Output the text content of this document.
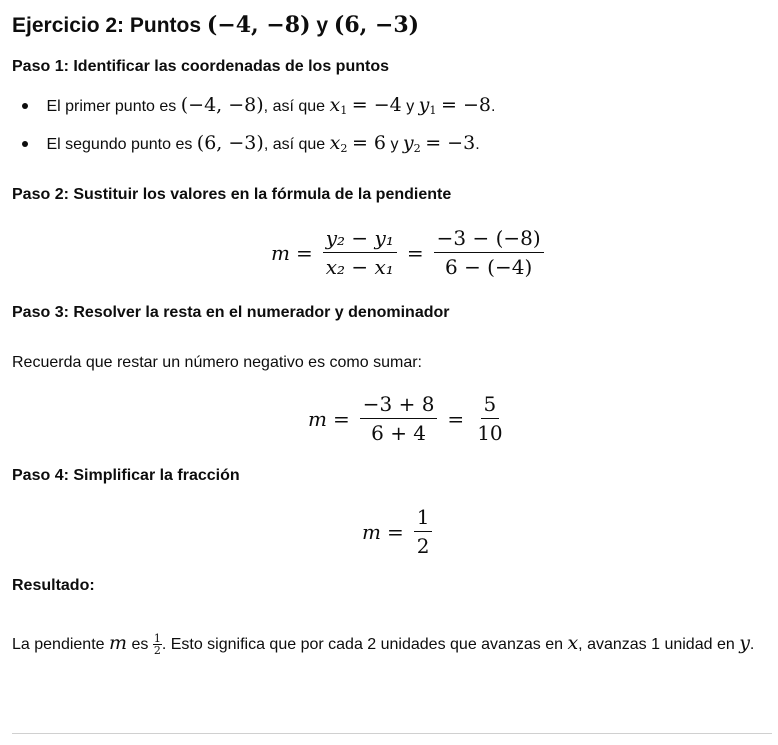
Ejercicio 2: Puntos (−4, −8) y (6, −3)
Paso 1: Identificar las coordenadas de los puntos
El primer punto es (−4, −8), así que $x_1 = -4$ y $y_1 = -8$.
El segundo punto es (6, −3), así que $x_2 = 6$ y $y_2 = -3$.
Paso 2: Sustituir los valores en la fórmula de la pendiente
$m = \frac{\text{y₂ − y₁}}{\text{x₂ − x₁}} = \frac{-3 - (-8)}{6 - (-4)}$
Paso 3: Resolver la resta en el numerador y denominador
Recuerda que restar un número negativo es como sumar:
$m = \frac{-3 + 8}{6 + 4} = \frac{5}{10}$
Paso 4: Simplificar la fracción
$m = \frac{1}{2}$
Resultado:
La pendiente m es $\frac{1}{2}$ . Esto significa que por cada 2 unidades que avanzas en x, avanzas 1 unidad en y.
